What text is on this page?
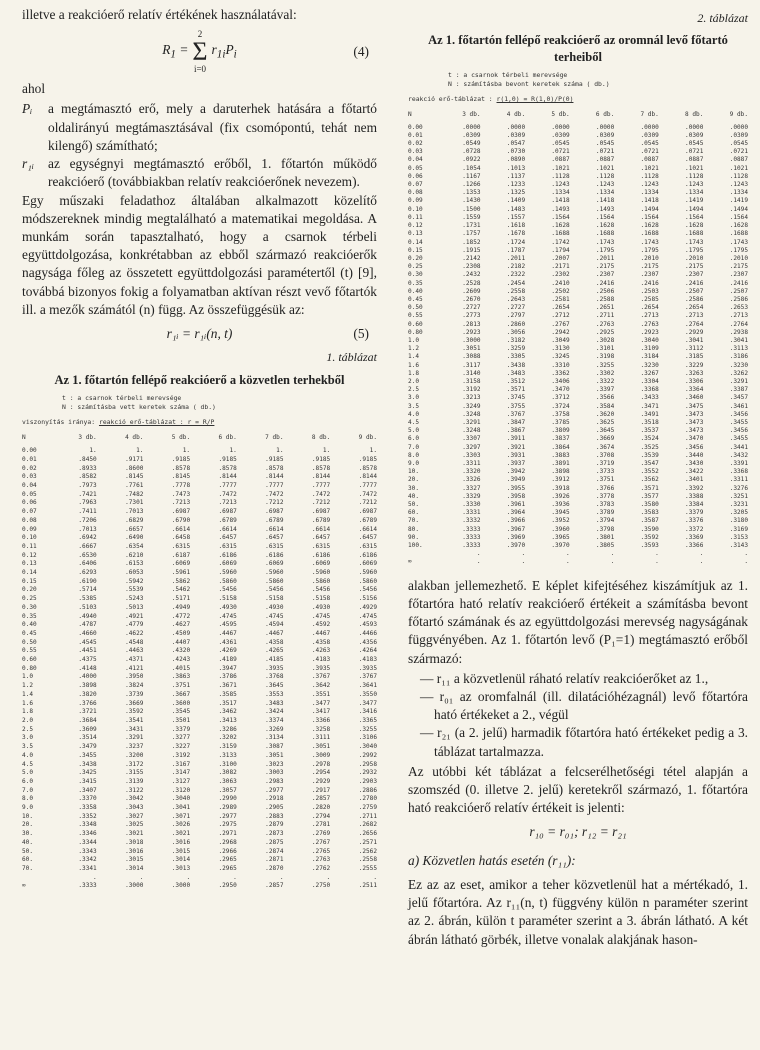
illetve a reakcióerő relatív értékének használatával:

$R_1$ =
2
Σ
i=0
$r_{1i}P_i$	(4)

ahol

Pᵢ	a megtámasztó erő, mely a daruterhek hatására a főtartó oldalirányú megtámasztásával (fix csomópontú, tehát nem kilengő) számítható;
r₁ᵢ	az egységnyi megtámasztó erőből, 1. főtartón működő reakcióerő (továbbiakban relatív reakcióerőnek nevezem).

Egy műszaki feladathoz általában alkalmazott közelítő módszereknek mindig megtalálható a matematikai megoldása. A munkám során tapasztalható, hogy a csarnok térbeli együttdolgozása, konkrétabban az ebből származó reakcióerők nagysága főleg az összetett együttdolgozási paramétertől (t) [9], továbbá bizonyos fokig a folyamatban aktívan részt vevő főtartók ill. a mezők számától (n) függ. Az összefüggésük az:

r₁ᵢ = r₁ᵢ(n, t)	(5)
1. táblázat
Az 1. főtartón fellépő reakcióerő a közvetlen terhekből
t : a csarnok térbeli merevsége
N : számításba vett keretek száma ( db.)
viszonyítás iránya: reakció erő-táblázat : r = R/P
N	3 db.	4 db.	5 db.	6 db.	7 db.	8 db.	9 db.
0.00	1.	1.	1.	1.	1.	1.	1.
0.01	.8450	.9171	.9185	.9185	.9185	.9185	.9185
0.02	.8933	.8600	.8578	.8578	.8578	.8578	.8578
0.03	.8582	.8145	.8145	.8144	.8144	.8144	.8144
0.04	.7973	.7761	.7778	.7777	.7777	.7777	.7777
0.05	.7421	.7482	.7473	.7472	.7472	.7472	.7472
0.06	.7963	.7301	.7213	.7213	.7212	.7212	.7212
0.07	.7411	.7013	.6987	.6987	.6987	.6987	.6987
0.08	.7206	.6829	.6790	.6789	.6789	.6789	.6789
0.09	.7013	.6657	.6614	.6614	.6614	.6614	.6614
0.10	.6942	.6490	.6458	.6457	.6457	.6457	.6457
0.11	.6667	.6354	.6315	.6315	.6315	.6315	.6315
0.12	.6530	.6210	.6187	.6186	.6186	.6186	.6186
0.13	.6406	.6153	.6069	.6069	.6069	.6069	.6069
0.14	.6293	.6053	.5961	.5960	.5960	.5960	.5960
0.15	.6190	.5942	.5862	.5860	.5860	.5860	.5860
0.20	.5714	.5539	.5462	.5456	.5456	.5456	.5456
0.25	.5385	.5243	.5171	.5158	.5158	.5158	.5156
0.30	.5103	.5013	.4949	.4930	.4930	.4930	.4929
0.35	.4940	.4921	.4772	.4745	.4745	.4745	.4745
0.40	.4787	.4779	.4627	.4595	.4594	.4592	.4593
0.45	.4660	.4622	.4509	.4467	.4467	.4467	.4466
0.50	.4545	.4548	.4407	.4361	.4358	.4358	.4356
0.55	.4451	.4463	.4320	.4269	.4265	.4263	.4264
0.60	.4375	.4371	.4243	.4189	.4185	.4183	.4183
0.80	.4148	.4121	.4015	.3947	.3935	.3935	.3935
1.0	.4000	.3950	.3863	.3786	.3768	.3767	.3767
1.2	.3898	.3824	.3751	.3671	.3645	.3642	.3641
1.4	.3820	.3739	.3667	.3585	.3553	.3551	.3550
1.6	.3766	.3669	.3600	.3517	.3483	.3477	.3477
1.8	.3721	.3592	.3545	.3462	.3424	.3417	.3416
2.0	.3684	.3541	.3501	.3413	.3374	.3366	.3365
2.5	.3609	.3431	.3379	.3286	.3269	.3258	.3255
3.0	.3514	.3291	.3277	.3202	.3134	.3111	.3106
3.5	.3479	.3237	.3227	.3159	.3087	.3051	.3040
4.0	.3455	.3200	.3192	.3133	.3051	.3009	.2992
4.5	.3438	.3172	.3167	.3100	.3023	.2978	.2958
5.0	.3425	.3155	.3147	.3082	.3003	.2954	.2932
6.0	.3415	.3139	.3127	.3063	.2983	.2929	.2903
7.0	.3407	.3122	.3120	.3057	.2977	.2917	.2886
8.0	.3370	.3042	.3040	.2990	.2918	.2857	.2780
9.0	.3358	.3043	.3041	.2989	.2905	.2820	.2759
10.	.3352	.3027	.3071	.2977	.2883	.2794	.2711
20.	.3348	.3025	.3026	.2975	.2879	.2781	.2682
30.	.3346	.3021	.3021	.2971	.2873	.2769	.2656
40.	.3344	.3018	.3016	.2968	.2875	.2767	.2571
50.	.3343	.3016	.3015	.2966	.2874	.2765	.2562
60.	.3342	.3015	.3014	.2965	.2871	.2763	.2558
70.	.3341	.3014	.3013	.2965	.2870	.2762	.2555
	.	.	.	.	.	.	.
∞	.3333	.3000	.3000	.2950	.2857	.2750	.2511
2. táblázat
Az 1. főtartón fellépő reakcióerő az oromnál levő főtartó terheiből
t : a csarnok térbeli merevsége
N : számításba bevont keretek száma ( db.)
reakció erő-táblázat : r(1,0) = R(1,0)/P(0)
N	3 db.	4 db.	5 db.	6 db.	7 db.	8 db.	9 db.
0.00	.0000	.0000	.0000	.0000	.0000	.0000	.0000
0.01	.0309	.0309	.0309	.0309	.0309	.0309	.0309
0.02	.0549	.0547	.0545	.0545	.0545	.0545	.0545
0.03	.0728	.0730	.0721	.0721	.0721	.0721	.0721
0.04	.0922	.0890	.0887	.0887	.0887	.0887	.0887
0.05	.1054	.1013	.1021	.1021	.1021	.1021	.1021
0.06	.1167	.1137	.1128	.1128	.1128	.1128	.1128
0.07	.1266	.1233	.1243	.1243	.1243	.1243	.1243
0.08	.1353	.1325	.1334	.1334	.1334	.1334	.1334
0.09	.1430	.1409	.1418	.1418	.1418	.1419	.1419
0.10	.1500	.1483	.1493	.1493	.1494	.1494	.1494
0.11	.1559	.1557	.1564	.1564	.1564	.1564	.1564
0.12	.1731	.1618	.1628	.1628	.1628	.1628	.1628
0.13	.1757	.1678	.1688	.1688	.1688	.1688	.1688
0.14	.1852	.1724	.1742	.1743	.1743	.1743	.1743
0.15	.1915	.1787	.1794	.1795	.1795	.1795	.1795
0.20	.2142	.2011	.2007	.2011	.2010	.2010	.2010
0.25	.2308	.2182	.2171	.2175	.2175	.2175	.2175
0.30	.2432	.2322	.2302	.2307	.2307	.2307	.2307
0.35	.2528	.2454	.2410	.2416	.2416	.2416	.2416
0.40	.2609	.2558	.2502	.2506	.2503	.2507	.2507
0.45	.2670	.2643	.2581	.2588	.2585	.2586	.2586
0.50	.2727	.2727	.2654	.2651	.2654	.2654	.2653
0.55	.2773	.2797	.2712	.2711	.2713	.2713	.2713
0.60	.2813	.2860	.2767	.2763	.2763	.2764	.2764
0.80	.2923	.3056	.2942	.2925	.2923	.2929	.2938
1.0	.3000	.3182	.3049	.3028	.3040	.3041	.3041
1.2	.3051	.3259	.3130	.3101	.3109	.3112	.3113
1.4	.3088	.3305	.3245	.3198	.3184	.3185	.3186
1.6	.3117	.3438	.3310	.3255	.3230	.3229	.3230
1.8	.3140	.3483	.3362	.3302	.3267	.3263	.3262
2.0	.3158	.3512	.3406	.3322	.3304	.3306	.3291
2.5	.3192	.3571	.3470	.3397	.3368	.3364	.3387
3.0	.3213	.3745	.3712	.3566	.3433	.3460	.3457
3.5	.3249	.3755	.3724	.3584	.3471	.3475	.3461
4.0	.3248	.3767	.3758	.3620	.3491	.3473	.3456
4.5	.3291	.3847	.3785	.3625	.3518	.3473	.3455
5.0	.3248	.3867	.3809	.3645	.3537	.3473	.3456
6.0	.3307	.3911	.3837	.3669	.3524	.3470	.3455
7.0	.3297	.3921	.3864	.3674	.3525	.3456	.3441
8.0	.3303	.3931	.3883	.3708	.3539	.3440	.3432
9.0	.3311	.3937	.3891	.3719	.3547	.3430	.3391
10.	.3320	.3942	.3898	.3733	.3552	.3422	.3368
20.	.3326	.3949	.3912	.3751	.3562	.3401	.3311
30.	.3327	.3955	.3918	.3766	.3571	.3392	.3276
40.	.3329	.3958	.3926	.3778	.3577	.3388	.3251
50.	.3330	.3961	.3936	.3783	.3580	.3384	.3231
60.	.3331	.3964	.3945	.3789	.3583	.3379	.3205
70.	.3332	.3966	.3952	.3794	.3587	.3376	.3180
80.	.3333	.3967	.3960	.3798	.3590	.3372	.3169
90.	.3333	.3969	.3965	.3801	.3592	.3369	.3153
100.	.3333	.3970	.3970	.3805	.3593	.3366	.3143
	.	.	.	.	.	.	.
∞	.	.	.	.	.	.	.

alakban jellemezhető. E képlet kifejtéséhez kiszámítjuk az 1. főtartóra ható relatív reakcióerő értékeit a számításba bevont főtartó számának és az együttdolgozási merevség nagyságának függvényében. Az 1. főtartón levő (P₁=1) megtámasztó erőből származó:

— r₁₁ a közvetlenül ráható relatív reakcióerőket az 1.,
— r₀₁ az oromfalnál (ill. dilatációhézagnál) levő főtartóra ható értékeket a 2., végül
— r₂₁ (a 2. jelű) harmadik főtartóra ható értékeket pedig a 3. táblázat tartalmazza.

Az utóbbi két táblázat a felcserélhetőségi tétel alapján a szomszéd (0. illetve 2. jelű) keretekről származó, 1. főtartóra ható reakcióerő relatív értékeit is jelenti:

r₁₀ = r₀₁; r₁₂ = r₂₁

a) Közvetlen hatás esetén (r₁₁):

Ez az az eset, amikor a teher közvetlenül hat a mértékadó, 1. jelű főtartóra. Az r₁₁(n, t) függvény külön n paraméter szerint az 2. ábrán, külön t paraméter szerint a 3. ábrán látható. A két ábrán látható görbék, illetve vonalak alakjának hason-
